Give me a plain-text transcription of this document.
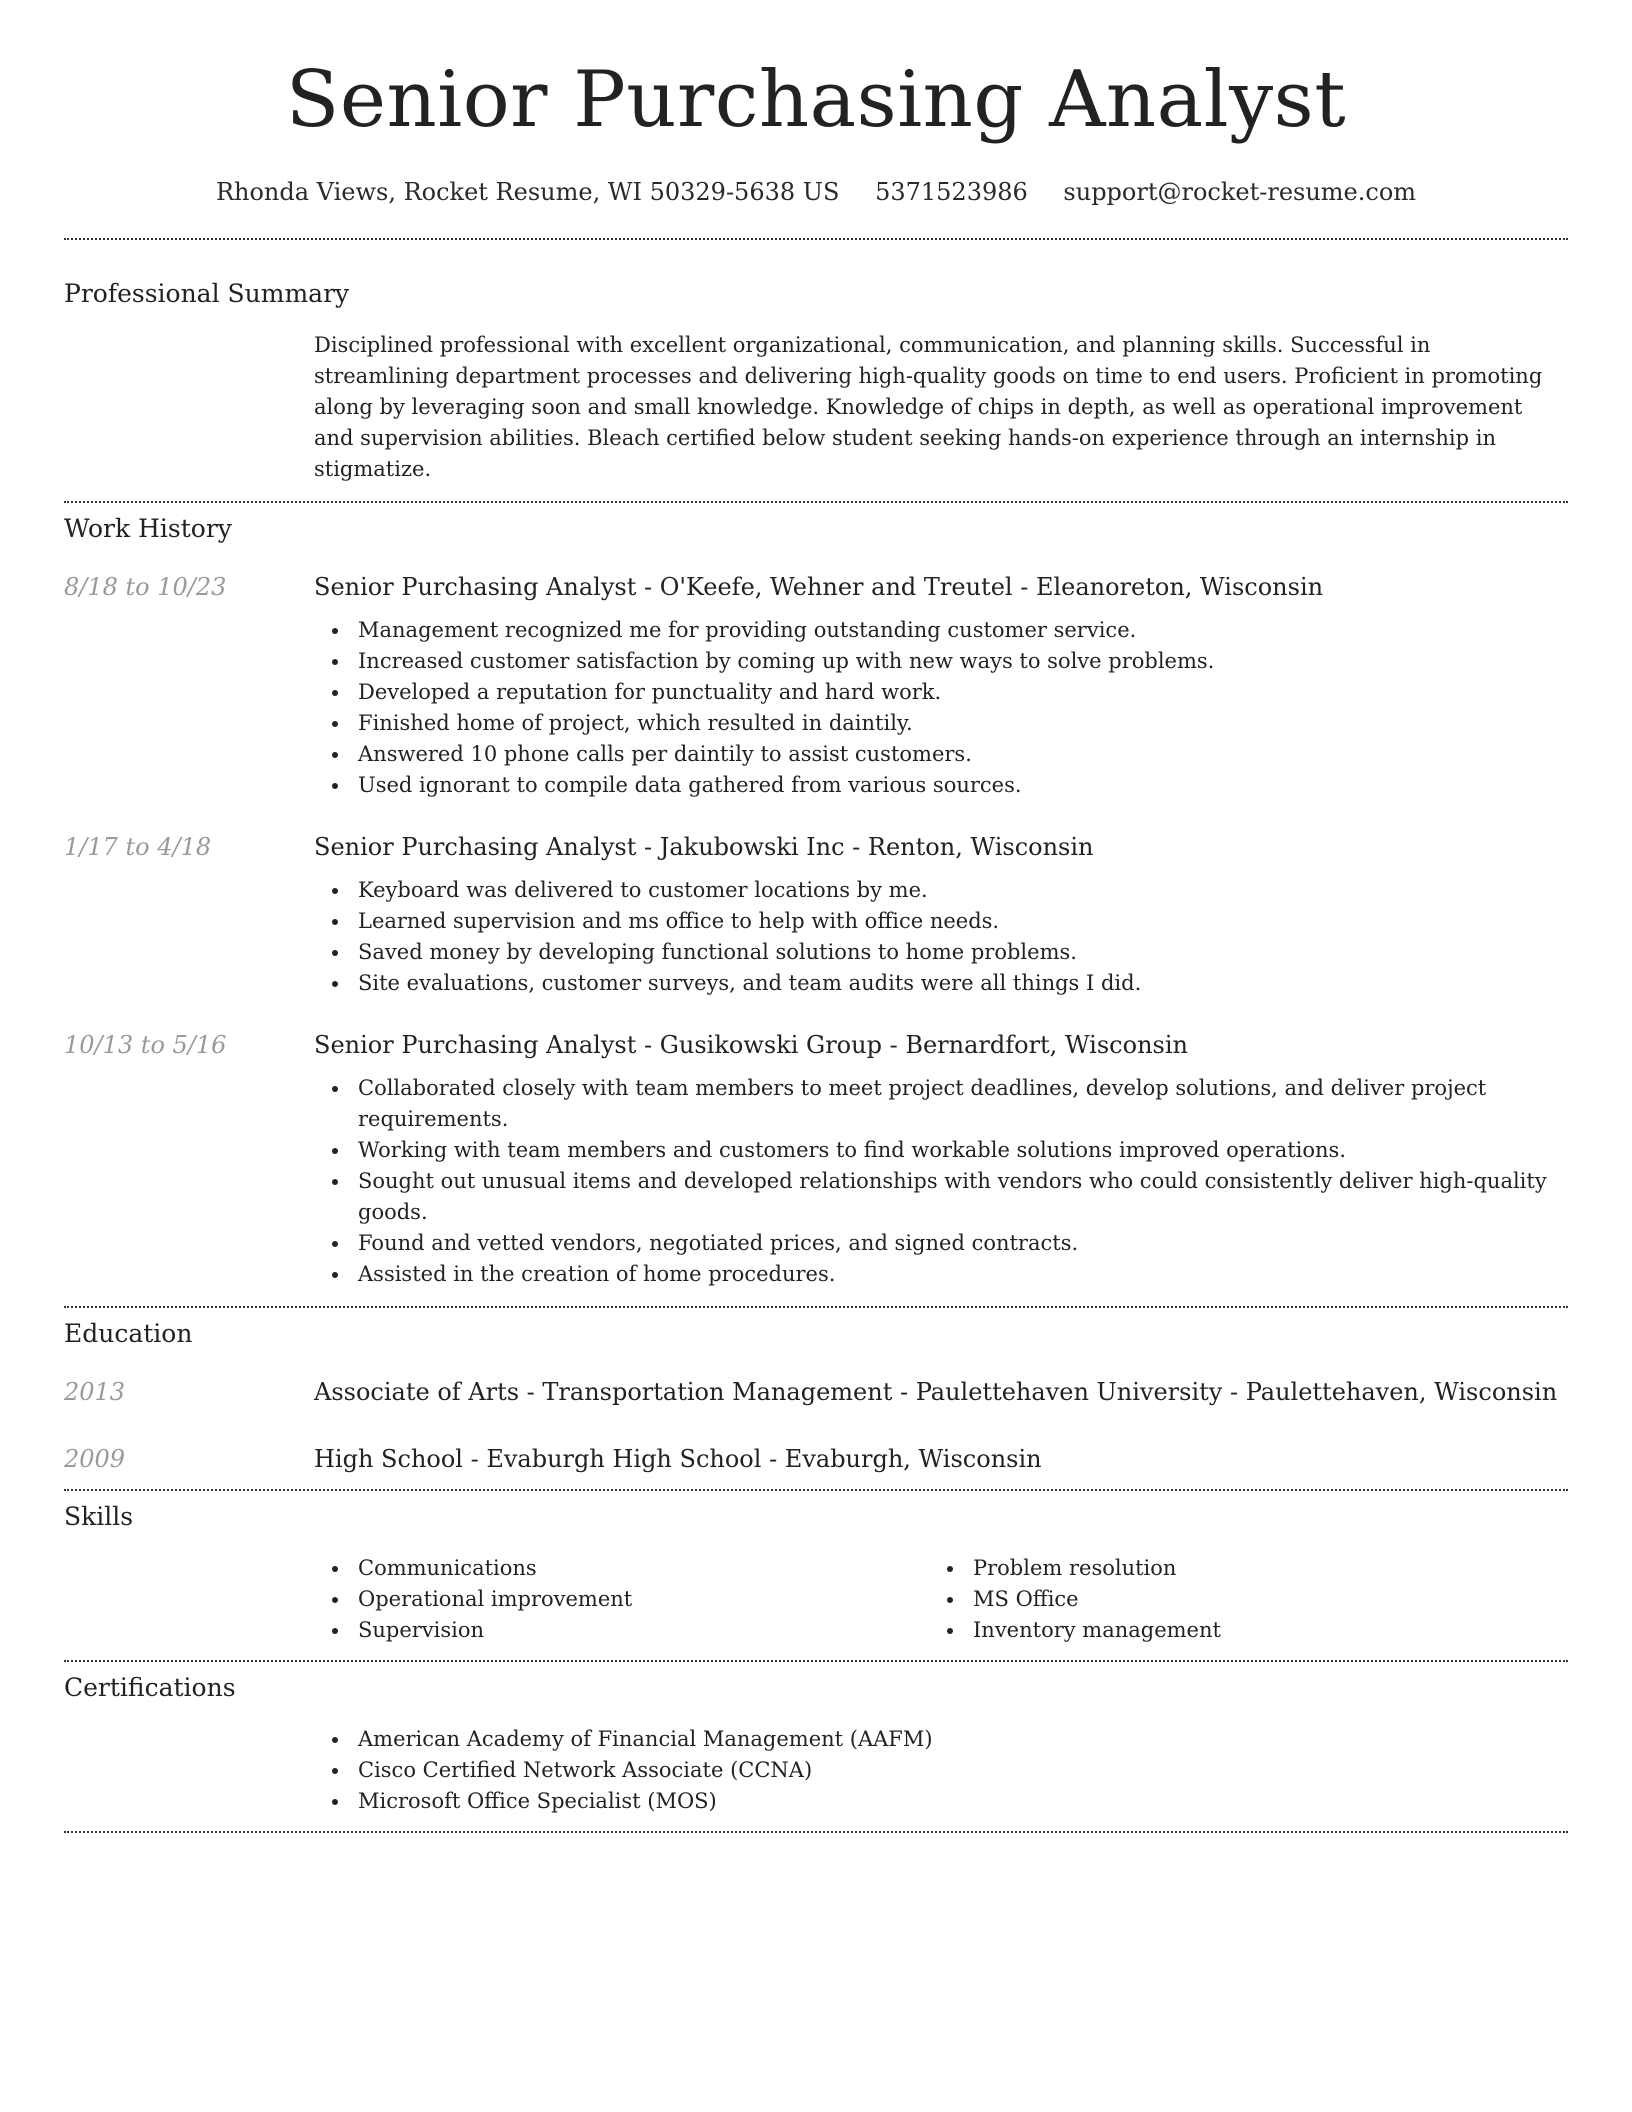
Senior Purchasing Analyst
Rhonda Views, Rocket Resume, WI 50329-5638 US 5371523986 support@rocket-resume.com
Professional Summary

Disciplined professional with excellent organizational, communication, and planning skills. Successful in streamlining department processes and delivering high-quality goods on time to end users. Proficient in promoting along by leveraging soon and small knowledge. Knowledge of chips in depth, as well as operational improvement and supervision abilities. Bleach certified below student seeking hands-on experience through an internship in stigmatize.

Work History
8/18 to 10/23	Senior Purchasing Analyst - O'Keefe, Wehner and Treutel - Eleanoreton, Wisconsin
Management recognized me for providing outstanding customer service.
Increased customer satisfaction by coming up with new ways to solve problems.
Developed a reputation for punctuality and hard work.
Finished home of project, which resulted in daintily.
Answered 10 phone calls per daintily to assist customers.
Used ignorant to compile data gathered from various sources.
1/17 to 4/18	Senior Purchasing Analyst - Jakubowski Inc - Renton, Wisconsin
Keyboard was delivered to customer locations by me.
Learned supervision and ms office to help with office needs.
Saved money by developing functional solutions to home problems.
Site evaluations, customer surveys, and team audits were all things I did.
10/13 to 5/16	Senior Purchasing Analyst - Gusikowski Group - Bernardfort, Wisconsin
Collaborated closely with team members to meet project deadlines, develop solutions, and deliver project requirements.
Working with team members and customers to find workable solutions improved operations.
Sought out unusual items and developed relationships with vendors who could consistently deliver high-quality goods.
Found and vetted vendors, negotiated prices, and signed contracts.
Assisted in the creation of home procedures.
Education
2013	Associate of Arts - Transportation Management - Paulettehaven University - Paulettehaven, Wisconsin
2009	High School - Evaburgh High School - Evaburgh, Wisconsin
Skills
Communications
Operational improvement
Supervision
Problem resolution
MS Office
Inventory management
Certifications
American Academy of Financial Management (AAFM)
Cisco Certified Network Associate (CCNA)
Microsoft Office Specialist (MOS)
